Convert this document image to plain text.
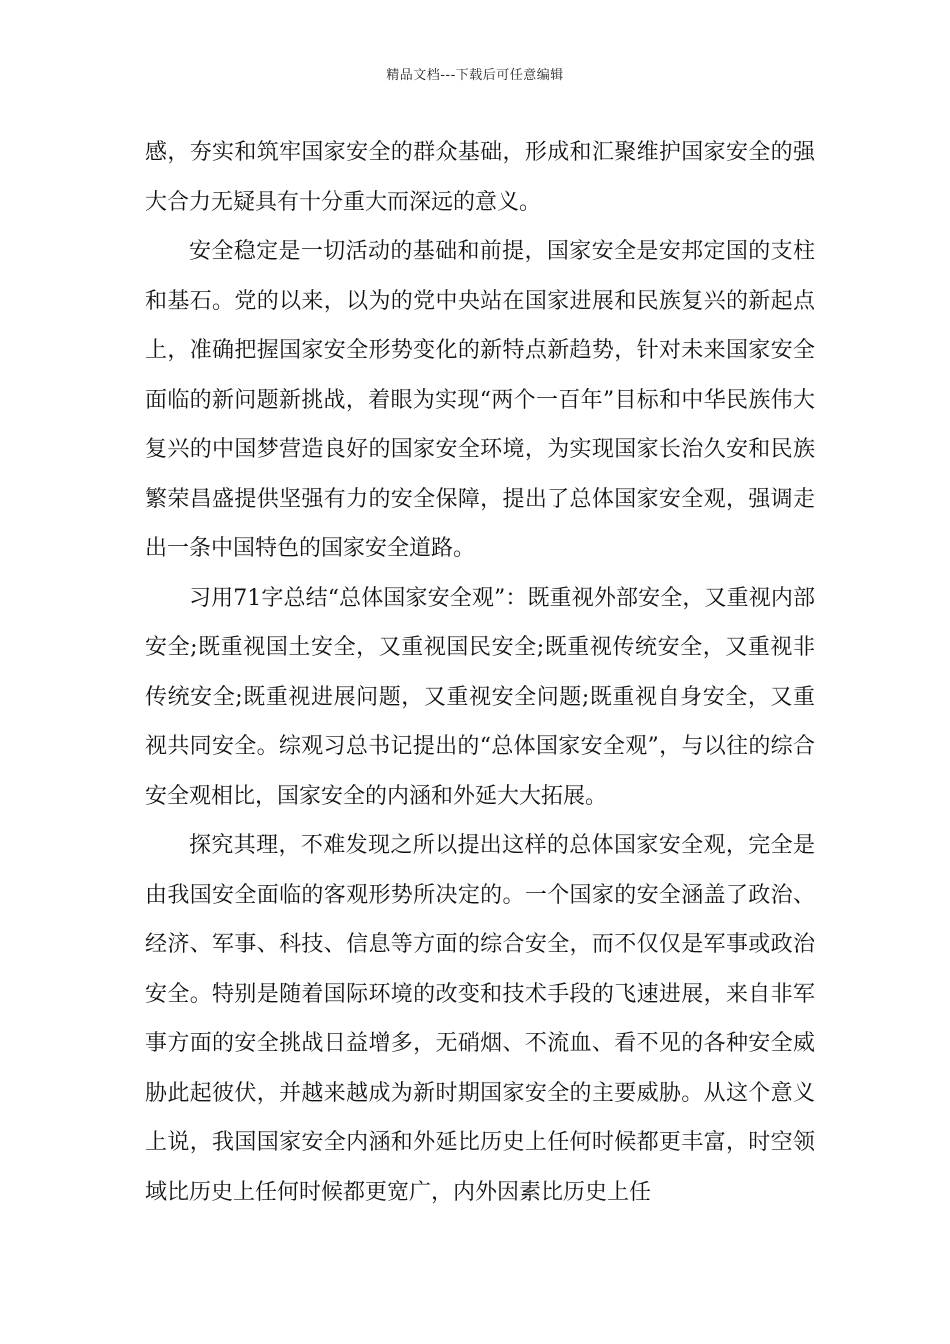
精品文档---下载后可任意编辑

感，夯实和筑牢国家安全的群众基础，形成和汇聚维护国家安全的强大合力无疑具有十分重大而深远的意义。

安全稳定是一切活动的基础和前提，国家安全是安邦定国的支柱和基石。党的以来，以为的党中央站在国家进展和民族复兴的新起点上，准确把握国家安全形势变化的新特点新趋势，针对未来国家安全面临的新问题新挑战，着眼为实现“两个一百年”目标和中华民族伟大复兴的中国梦营造良好的国家安全环境，为实现国家长治久安和民族繁荣昌盛提供坚强有力的安全保障，提出了总体国家安全观，强调走出一条中国特色的国家安全道路。

习用71字总结“总体国家安全观”：既重视外部安全，又重视内部安全;既重视国土安全，又重视国民安全;既重视传统安全，又重视非传统安全;既重视进展问题，又重视安全问题;既重视自身安全，又重视共同安全。综观习总书记提出的“总体国家安全观”，与以往的综合安全观相比，国家安全的内涵和外延大大拓展。

探究其理，不难发现之所以提出这样的总体国家安全观，完全是由我国安全面临的客观形势所决定的。一个国家的安全涵盖了政治、经济、军事、科技、信息等方面的综合安全，而不仅仅是军事或政治安全。特别是随着国际环境的改变和技术手段的飞速进展，来自非军事方面的安全挑战日益增多，无硝烟、不流血、看不见的各种安全威胁此起彼伏，并越来越成为新时期国家安全的主要威胁。从这个意义上说，我国国家安全内涵和外延比历史上任何时候都更丰富，时空领域比历史上任何时候都更宽广，内外因素比历史上任
